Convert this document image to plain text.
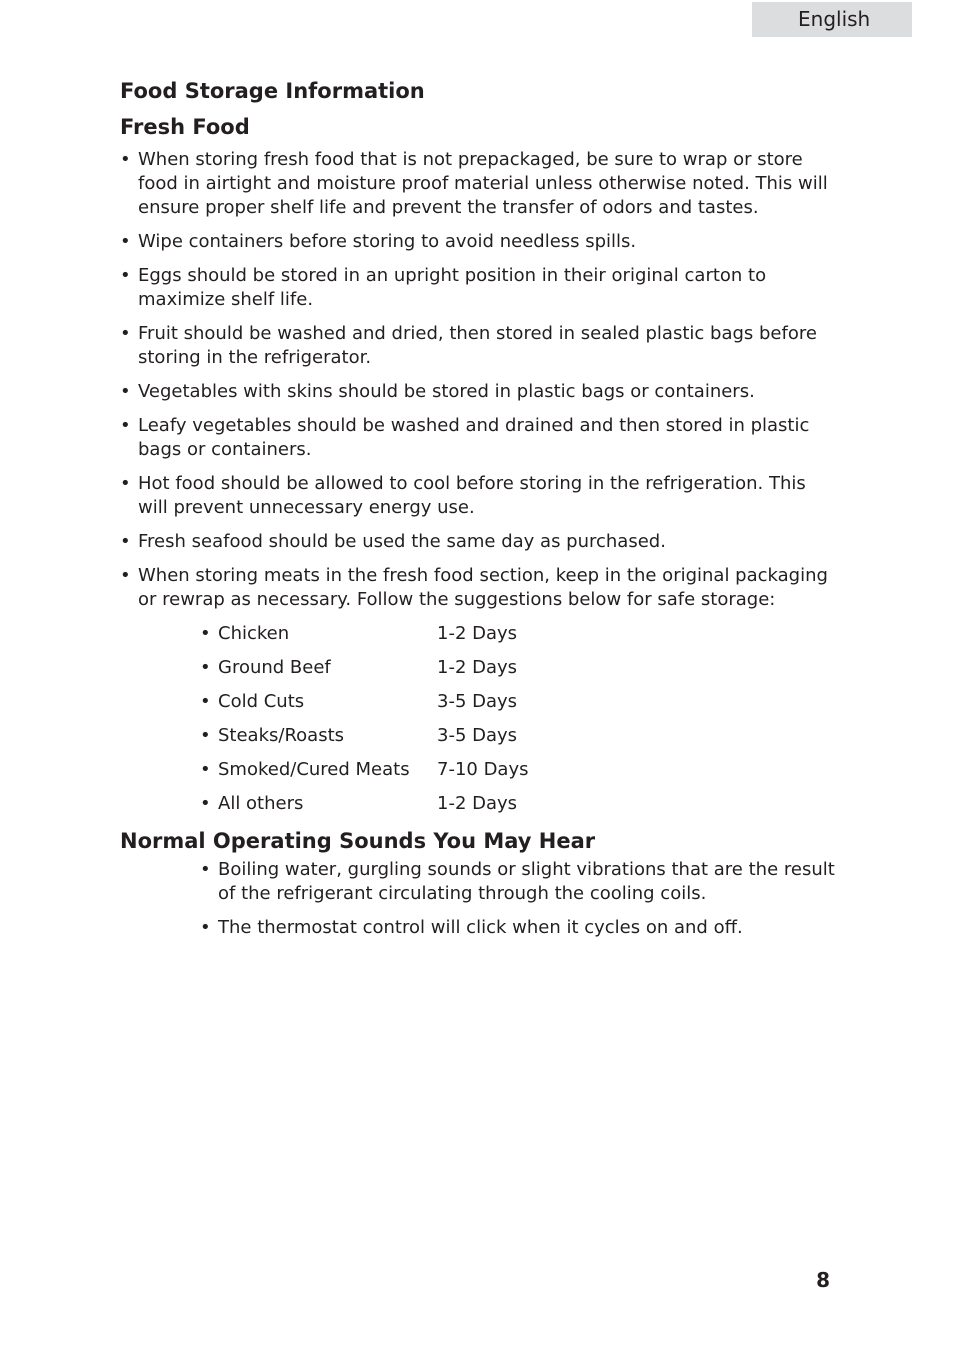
English
Food Storage Information
Fresh Food
• When storing fresh food that is not prepackaged, be sure to wrap or store food in airtight and moisture proof material unless otherwise noted. This will ensure proper shelf life and prevent the transfer of odors and tastes.
• Wipe containers before storing to avoid needless spills.
• Eggs should be stored in an upright position in their original carton to maximize shelf life.
• Fruit should be washed and dried, then stored in sealed plastic bags before storing in the refrigerator.
• Vegetables with skins should be stored in plastic bags or containers.
• Leafy vegetables should be washed and drained and then stored in plastic bags or containers.
• Hot food should be allowed to cool before storing in the refrigeration. This will prevent unnecessary energy use.
• Fresh seafood should be used the same day as purchased.
• When storing meats in the fresh food section, keep in the original packaging or rewrap as necessary. Follow the suggestions below for safe storage:
• Chicken	1-2 Days
• Ground Beef	1-2 Days
• Cold Cuts	3-5 Days
• Steaks/Roasts	3-5 Days
• Smoked/Cured Meats 7-10 Days
• All others	1-2 Days
Normal Operating Sounds You May Hear
• Boiling water, gurgling sounds or slight vibrations that are the result of the refrigerant circulating through the cooling coils.
• The thermostat control will click when it cycles on and off.
8
